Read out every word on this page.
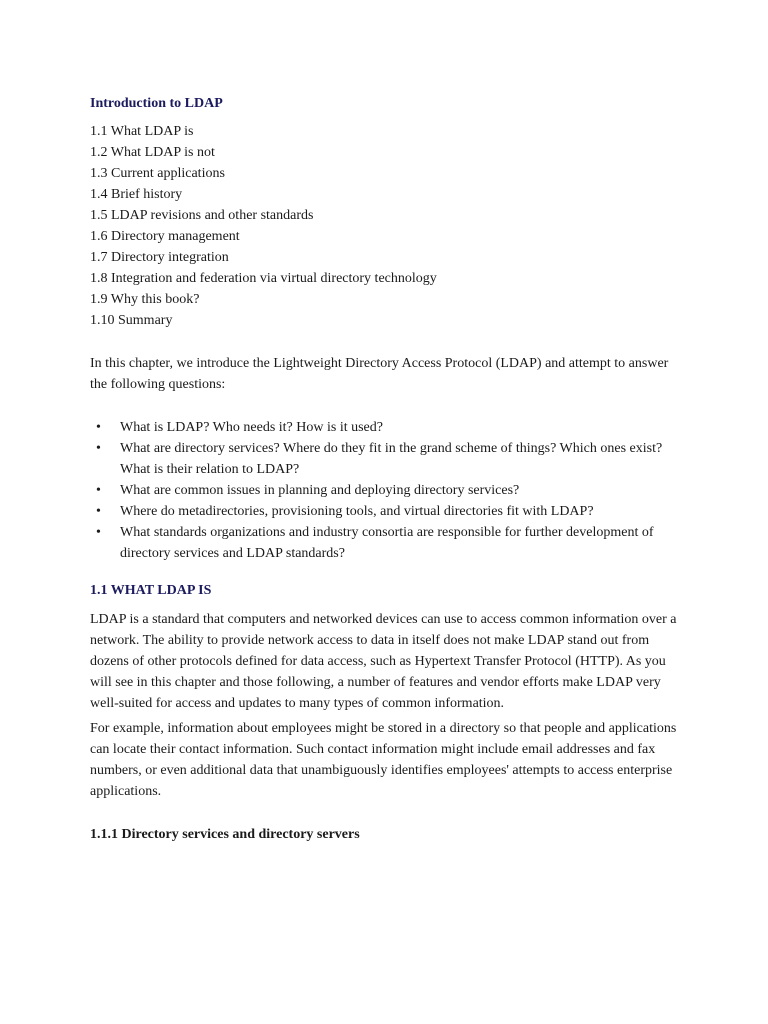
Introduction to LDAP
1.1 What LDAP is
1.2 What LDAP is not
1.3 Current applications
1.4 Brief history
1.5 LDAP revisions and other standards
1.6 Directory management
1.7 Directory integration
1.8 Integration and federation via virtual directory technology
1.9 Why this book?
1.10 Summary

In this chapter, we introduce the Lightweight Directory Access Protocol (LDAP) and attempt to answer the following questions:

• What is LDAP? Who needs it? How is it used?
• What are directory services? Where do they fit in the grand scheme of things? Which ones exist? What is their relation to LDAP?
• What are common issues in planning and deploying directory services?
• Where do metadirectories, provisioning tools, and virtual directories fit with LDAP?
• What standards organizations and industry consortia are responsible for further development of directory services and LDAP standards?
1.1 WHAT LDAP IS

LDAP is a standard that computers and networked devices can use to access common information over a network. The ability to provide network access to data in itself does not make LDAP stand out from dozens of other protocols defined for data access, such as Hypertext Transfer Protocol (HTTP). As you will see in this chapter and those following, a number of features and vendor efforts make LDAP very well-suited for access and updates to many types of common information.

For example, information about employees might be stored in a directory so that people and applications can locate their contact information. Such contact information might include email addresses and fax numbers, or even additional data that unambiguously identifies employees' attempts to access enterprise applications.

1.1.1 Directory services and directory servers
